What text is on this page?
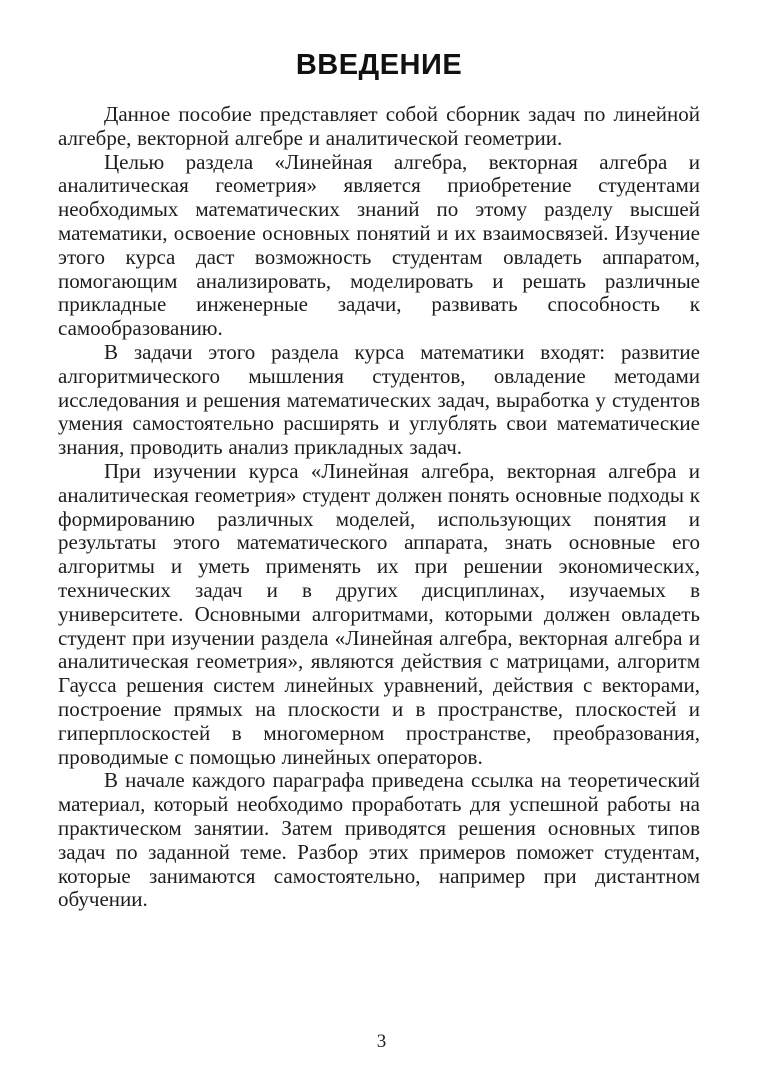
ВВЕДЕНИЕ

Данное пособие представляет собой сборник задач по линейной алгебре, векторной алгебре и аналитической геометрии.

Целью раздела «Линейная алгебра, векторная алгебра и аналитическая геометрия» является приобретение студентами необходимых математических знаний по этому разделу высшей математики, освоение основных понятий и их взаимосвязей. Изучение этого курса даст возможность студентам овладеть аппаратом, помогающим анализировать, моделировать и решать различные прикладные инженерные задачи, развивать способность к самообразованию.

В задачи этого раздела курса математики входят: развитие алгоритмического мышления студентов, овладение методами исследования и решения математических задач, выработка у студентов умения самостоятельно расширять и углублять свои математические знания, проводить анализ прикладных задач.

При изучении курса «Линейная алгебра, векторная алгебра и аналитическая геометрия» студент должен понять основные подходы к формированию различных моделей, использующих понятия и результаты этого математического аппарата, знать основные его алгоритмы и уметь применять их при решении экономических, технических задач и в других дисциплинах, изучаемых в университете. Основными алгоритмами, которыми должен овладеть студент при изучении раздела «Линейная алгебра, векторная алгебра и аналитическая геометрия», являются действия с матрицами, алгоритм Гаусса решения систем линейных уравнений, действия с векторами, построение прямых на плоскости и в пространстве, плоскостей и гиперплоскостей в многомерном пространстве, преобразования, проводимые с помощью линейных операторов.

В начале каждого параграфа приведена ссылка на теоретический материал, который необходимо проработать для успешной работы на практическом занятии. Затем приводятся решения основных типов задач по заданной теме. Разбор этих примеров поможет студентам, которые занимаются самостоятельно, например при дистантном обучении.

3
